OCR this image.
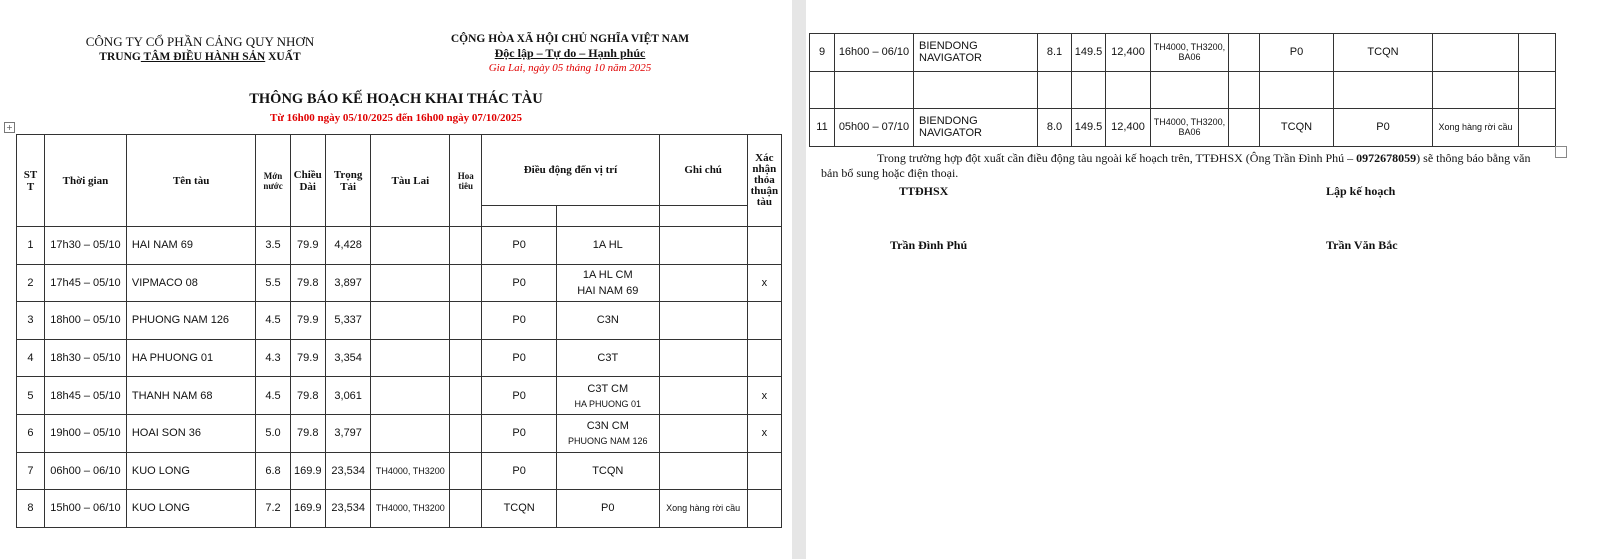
CÔNG TY CỔ PHẦN CẢNG QUY NHƠN
TRUNG TÂM ĐIỀU HÀNH SẢN XUẤT
CỘNG HÒA XÃ HỘI CHỦ NGHĨA VIỆT NAM
Độc lập – Tự do – Hạnh phúc
Gia Lai, ngày 05 tháng 10 năm 2025
THÔNG BÁO KẾ HOẠCH KHAI THÁC TÀU
Từ 16h00 ngày 05/10/2025 đến 16h00 ngày 07/10/2025
+
ST T	Thời gian	Tên tàu	Mớn nước	Chiều Dài	Trọng Tải	Tàu Lai	Hoa tiêu	Điều động đến vị trí		Ghi chú	Xác nhận thỏa thuận tàu

1	17h30 – 05/10	HAI NAM 69	3.5	79.9	4,428			P0	1A HL		

2	17h45 – 05/10	VIPMACO 08	5.5	79.8	3,897			P0	1A HL CM
HAI NAM 69		x
3	18h00 – 05/10	PHUONG NAM 126	4.5	79.9	5,337			P0	C3N		

4	18h30 – 05/10	HA PHUONG 01	4.3	79.9	3,354			P0	C3T		

5	18h45 – 05/10	THANH NAM 68	4.5	79.8	3,061			P0	C3T CM
HA PHUONG 01		x
6	19h00 – 05/10	HOAI SON 36	5.0	79.8	3,797			P0	C3N CM
PHUONG NAM 126		x
7	06h00 – 06/10	KUO LONG	6.8	169.9	23,534	TH4000, TH3200		P0	TCQN		

8	15h00 – 06/10	KUO LONG	7.2	169.9	23,534	TH4000, TH3200		TCQN	P0	Xong hàng rời cầu	
9	16h00 – 06/10	BIENDONG NAVIGATOR	8.1	149.5	12,400	TH4000, TH3200, BA06		P0	TCQN		

11	05h00 – 07/10	BIENDONG NAVIGATOR	8.0	149.5	12,400	TH4000, TH3200, BA06		TCQN	P0	Xong hàng rời cầu	
Trong trường hợp đột xuất cần điều động tàu ngoài kế hoạch trên, TTĐHSX (Ông Trần Đình Phú – 0972678059) sẽ thông báo bằng văn bản bổ sung hoặc điện thoại.
TTĐHSX
Trần Đình Phú
Lập kế hoạch
Trần Văn Bắc
